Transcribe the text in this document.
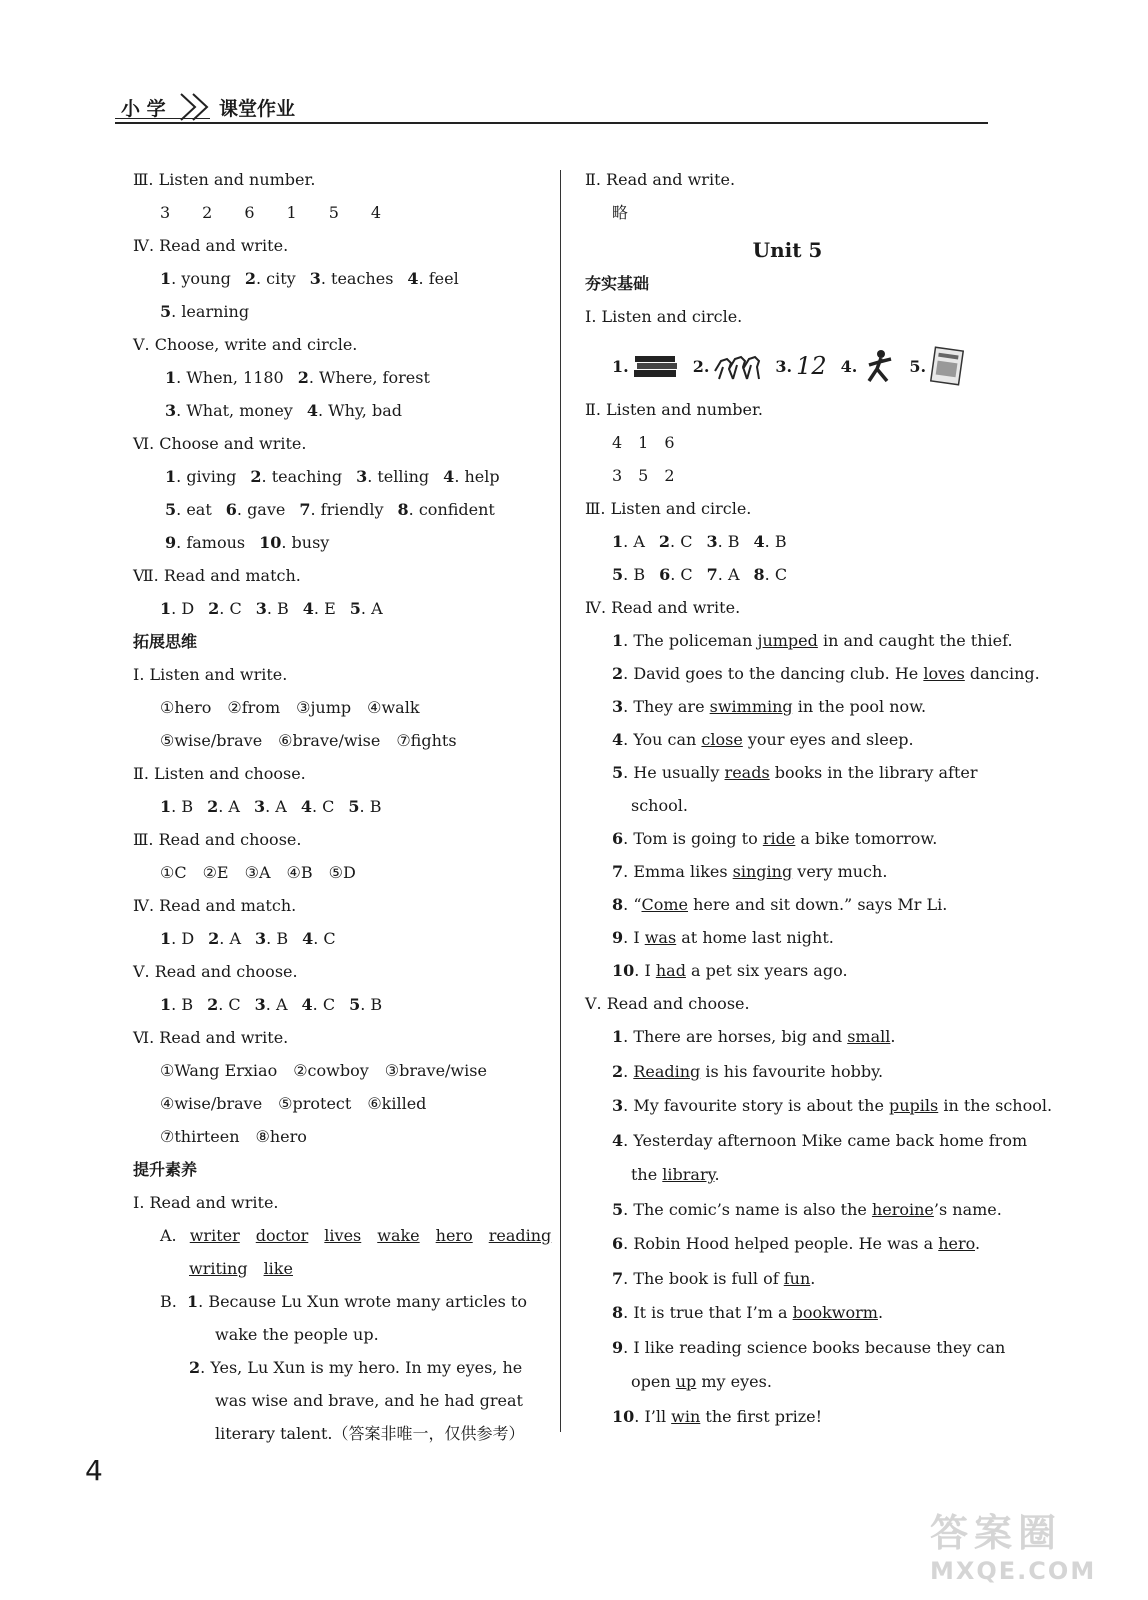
小 学	课堂作业
Ⅲ. Listen and number.
3　　2　　6　　1　　5　　4
Ⅳ. Read and write.
1. young 2. city 3. teaches 4. feel
5. learning
Ⅴ. Choose, write and circle.
1. When, 1180 2. Where, forest
3. What, money 4. Why, bad
Ⅵ. Choose and write.
1. giving 2. teaching 3. telling 4. help
5. eat 6. gave 7. friendly 8. confident
9. famous 10. busy
Ⅶ. Read and match.
1. D 2. C 3. B 4. E 5. A
拓展思维
Ⅰ. Listen and write.
①hero　②from　③jump　④walk
⑤wise/brave　⑥brave/wise　⑦fights
Ⅱ. Listen and choose.
1. B 2. A 3. A 4. C 5. B
Ⅲ. Read and choose.
①C　②E　③A　④B　⑤D
Ⅳ. Read and match.
1. D 2. A 3. B 4. C
Ⅴ. Read and choose.
1. B 2. C 3. A 4. C 5. B
Ⅵ. Read and write.
①Wang Erxiao　②cowboy　③brave/wise
④wise/brave　⑤protect　⑥killed
⑦thirteen　⑧hero
提升素养
Ⅰ. Read and write.
A. writer doctor lives wake hero reading
writing like
B. 1. Because Lu Xun wrote many articles to
wake the people up.
2. Yes, Lu Xun is my hero. In my eyes, he
was wise and brave, and he had great
literary talent.（答案非唯一，仅供参考）
Ⅱ. Read and write.
略
Unit 5
夯实基础
Ⅰ. Listen and circle.
1.	2.	3. 12 4.	5.
Ⅱ. Listen and number.
4　1　6
3　5　2
Ⅲ. Listen and circle.
1. A 2. C 3. B 4. B
5. B 6. C 7. A 8. C
Ⅳ. Read and write.
1. The policeman jumped in and caught the thief.
2. David goes to the dancing club. He loves dancing.
3. They are swimming in the pool now.
4. You can close your eyes and sleep.
5. He usually reads books in the library after
school.
6. Tom is going to ride a bike tomorrow.
7. Emma likes singing very much.
8. “Come here and sit down.” says Mr Li.
9. I was at home last night.
10. I had a pet six years ago.
Ⅴ. Read and choose.
1. There are horses, big and small.
2. Reading is his favourite hobby.
3. My favourite story is about the pupils in the school.
4. Yesterday afternoon Mike came back home from
the library.
5. The comic’s name is also the heroine’s name.
6. Robin Hood helped people. He was a hero.
7. The book is full of fun.
8. It is true that I’m a bookworm.
9. I like reading science books because they can
open up my eyes.
10. I’ll win the first prize!
4
答案圈
MXQE.COM
